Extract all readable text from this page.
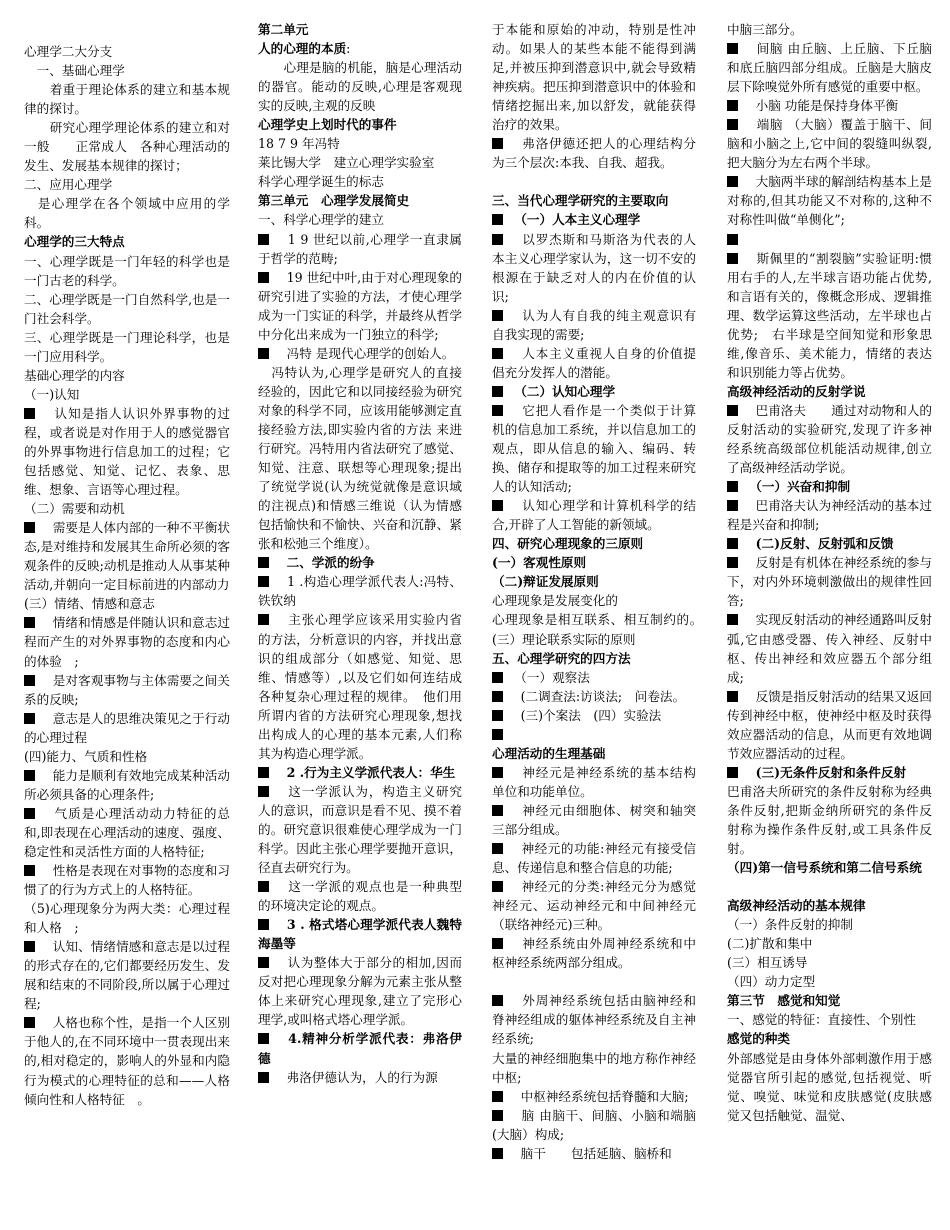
心理学二大分支

　一、基础心理学

　　着重于理论体系的建立和基本规律的探讨。

　　研究心理学理论体系的建立和对一般　　正常成人　各种心理活动的发生、发展基本规律的探讨；

二、应用心理学

　是心理学在各个领域中应用的学科。

心理学的三大特点

一、心理学既是一门年轻的科学也是一门古老的科学。

二、心理学既是一门自然科学,也是一门社会科学。

三、心理学既是一门理论科学，也是一门应用科学。

基础心理学的内容

（一)认知

　认知是指人认识外界事物的过程，或者说是对作用于人的感觉器官的外界事物进行信息加工的过程；它包括感觉、知觉、记忆、表象、思维、想象、言语等心理过程。

（二）需要和动机

　需要是人体内部的一种不平衡状态,是对维持和发展其生命所必须的客观条件的反映;动机是推动人从事某种活动,并朝向一定目标前进的内部动力

(三）情绪、情感和意志

　情绪和情感是伴随认识和意志过程而产生的对外界事物的态度和内心的体验　;

　是对客观事物与主体需要之间关系的反映;

　意志是人的思维决策见之于行动的心理过程

(四)能力、气质和性格

　能力是顺利有效地完成某种活动所必须具备的心理条件;

　气质是心理活动动力特征的总和,即表现在心理活动的速度、强度、稳定性和灵活性方面的人格特征;

　性格是表现在对事物的态度和习惯了的行为方式上的人格特征。

（5)心理现象分为两大类：心理过程和人格　;

　认知、情绪情感和意志是以过程的形式存在的,它们都要经历发生、发展和结束的不同阶段,所以属于心理过程;

　人格也称个性，是指一个人区别于他人的,在不同环境中一贯表现出来的,相对稳定的，影响人的外显和内隐行为模式的心理特征的总和——人格倾向性和人格特征　。

第二单元

人的心理的本质:

　　心理是脑的机能，脑是心理活动的器官。能动的反映,心理是客观现实的反映,主观的反映

心理学史上划时代的事件

18 7 9 年冯特

莱比锡大学　建立心理学实验室

科学心理学诞生的标志

第三单元　心理学发展简史

一、科学心理学的建立

　1 9 世纪以前,心理学一直隶属于哲学的范畴;

　19 世纪中叶,由于对心理现象的研究引进了实验的方法，才使心理学成为一门实证的科学，并最终从哲学中分化出来成为一门独立的科学;

　冯特 是现代心理学的创始人。

　冯特认为,心理学是研究人的直接经验的，因此它和以同接经验为研究对象的科学不同，应该用能够测定直接经验方法,即实验内省的方法 来进行研究。冯特用内省法研究了感觉、知觉、注意、联想等心理现象;提出了统觉学说(认为统觉就像是意识域的注视点)和情感三维说（认为情感包括愉快和不愉快、兴奋和沉静、紧张和松弛三个维度）。

　二、学派的纷争

　1 .构造心理学派代表人:冯特、铁钦纳

　主张心理学应该采用实验内省的方法，分析意识的内容，并找出意识的组成部分（如感觉、知觉、思维、情感等）,以及它们如何连结成各种复杂心理过程的规律。　他们用所谓内省的方法研究心理现象,想找出构成人的心理的基本元素,人们称其为构造心理学派。

　2 .行为主义学派代表人：华生

　这一学派认为，构造主义研究人的意识，而意识是看不见、摸不着的。研究意识很难使心理学成为一门科学。因此主张心理学要抛开意识，径直去研究行为。

　这一学派的观点也是一种典型的环境决定论的观点。

　3 . 格式塔心理学派代表人魏特海墨等

　认为整体大于部分的相加,因而反对把心理现象分解为元素主张从整体上来研究心理现象,建立了完形心理学,或叫格式塔心理学派。

　4.精神分析学派代表：弗洛伊德

　弗洛伊德认为，人的行为源

于本能和原始的冲动，特别是性冲动。如果人的某些本能不能得到满足,并被压抑到潜意识中,就会导致精神疾病。把压抑到潜意识中的体验和情绪挖掘出来,加以舒发，就能获得治疗的效果。

　弗洛伊德还把人的心理结构分为三个层次:本我、自我、超我。

三、当代心理学研究的主要取向

　（一）人本主义心理学

　以罗杰斯和马斯洛为代表的人本主义心理学家认为，这一切不安的根源在于缺乏对人的内在价值的认识;

　认为人有自我的纯主观意识有自我实现的需要;

　人本主义重视人自身的价值提倡充分发挥人的潜能。

　（二）认知心理学

　它把人看作是一个类似于计算机的信息加工系统，并以信息加工的观点，即从信息的输入、编码、转换、储存和提取等的加工过程来研究人的认知活动;

　认知心理学和计算机科学的结合,开辟了人工智能的新领域。

四、研究心理现象的三原则

(一）客观性原则

（二)辩证发展原则

心理现象是发展变化的

心理现象是相互联系、相互制约的。　(三）理论联系实际的原则

五、心理学研究的四方法

　（一）观察法

　(二调查法:访谈法;　问卷法。

　(三)个案法　(四）实验法

心理活动的生理基础

　神经元是神经系统的基本结构单位和功能单位。

　神经元由细胞体、树突和轴突三部分组成。

　神经元的功能:神经元有接受信息、传递信息和整合信息的功能;

　神经元的分类:神经元分为感觉神经元、运动神经元和中间神经元（联络神经元)三种。

　神经系统由外周神经系统和中枢神经系统两部分组成。

　外周神经系统包括由脑神经和脊神经组成的躯体神经系统及自主神经系统;

大量的神经细胞集中的地方称作神经中枢;

　中枢神经系统包括脊髓和大脑;

　脑 由脑干、间脑、小脑和端脑(大脑）构成;

　脑干　　包括延脑、脑桥和

中脑三部分。

　间脑 由丘脑、上丘脑、下丘脑和底丘脑四部分组成。丘脑是大脑皮层下除嗅觉外所有感觉的重要中枢。

　小脑 功能是保持身体平衡

　端脑 （大脑）覆盖于脑干、间脑和小脑之上,它中间的裂缝叫纵裂,把大脑分为左右两个半球。

　大脑两半球的解剖结构基本上是对称的,但其功能又不对称的,这种不对称性叫做“单侧化”;

　斯佩里的“割裂脑”实验证明:惯用右手的人,左半球言语功能占优势,和言语有关的，像概念形成、逻辑推理、数学运算这些活动，左半球也占优势;　右半球是空间知觉和形象思维,像音乐、美术能力，情绪的表达和识别能力等占优势。

高级神经活动的反射学说

　巴甫洛夫　　通过对动物和人的反射活动的实验研究,发现了许多神经系统高级部位机能活动规律,创立了高级神经活动学说。

　（一）兴奋和抑制

　巴甫洛夫认为神经活动的基本过程是兴奋和抑制;

　(二)反射、反射弧和反馈

　反射是有机体在神经系统的参与下，对内外环境刺激做出的规律性回答;

　实现反射活动的神经通路叫反射弧,它由感受器、传入神经、反射中枢、传出神经和效应器五个部分组成;

　反馈是指反射活动的结果又返回传到神经中枢，使神经中枢及时获得效应器活动的信息，从而更有效地调节效应器活动的过程。

　(三)无条件反射和条件反射

巴甫洛夫所研究的条件反射称为经典条件反射,把斯金纳所研究的条件反射称为操作条件反射,或工具条件反射。

（四)第一信号系统和第二信号系统

高级神经活动的基本规律

（一）条件反射的抑制

(二)扩散和集中

(三）相互诱导

（四）动力定型

第三节　感觉和知觉

一、感觉的特征：直接性、个别性

感觉的种类

外部感觉是由身体外部刺激作用于感觉器官所引起的感觉,包括视觉、听觉、嗅觉、味觉和皮肤感觉(皮肤感觉又包括触觉、温觉、
